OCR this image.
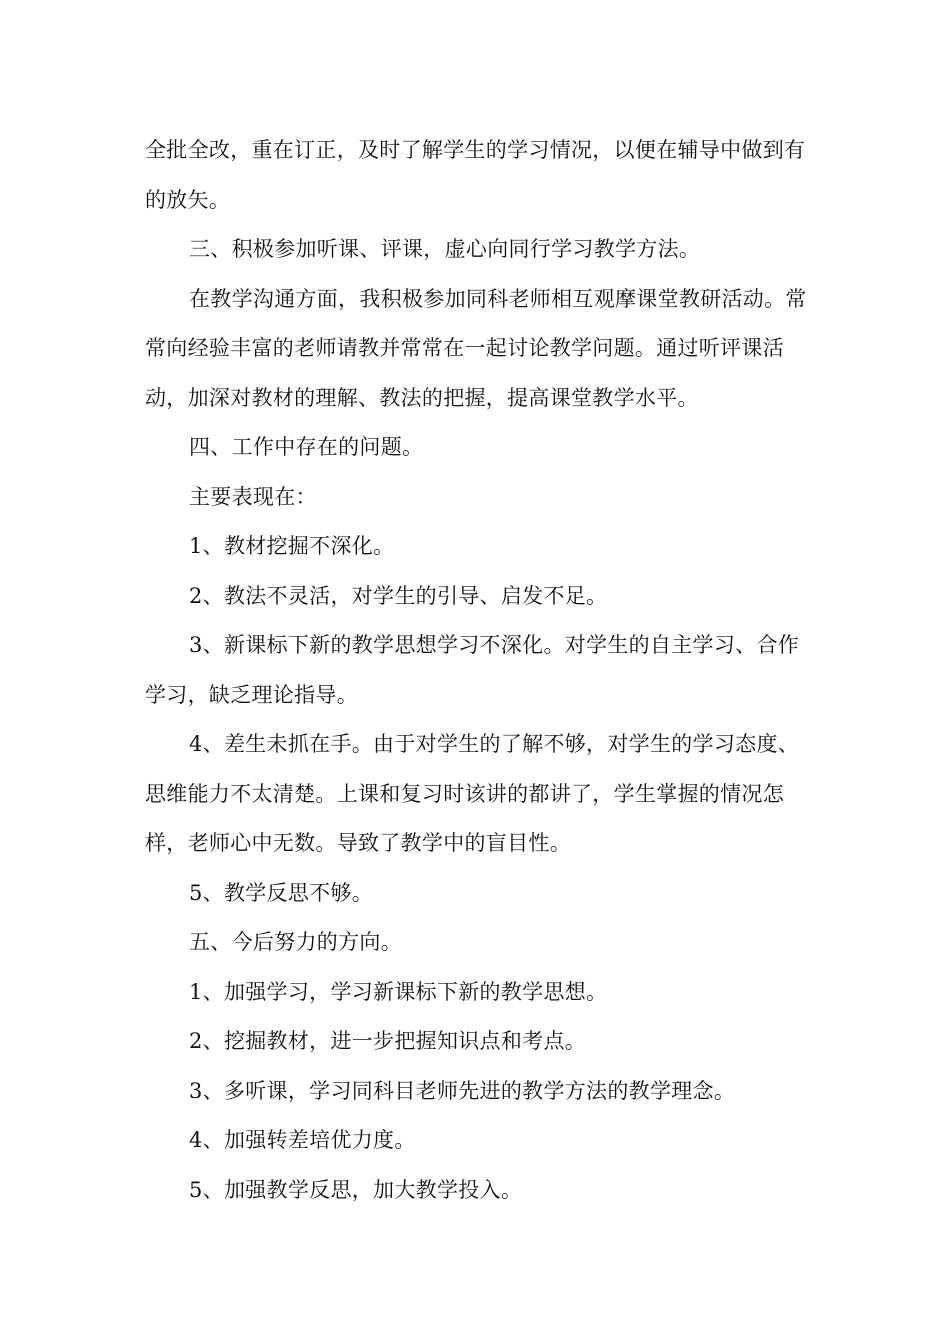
全批全改，重在订正，及时了解学生的学习情况，以便在辅导中做到有的放矢。

三、积极参加听课、评课，虚心向同行学习教学方法。

在教学沟通方面，我积极参加同科老师相互观摩课堂教研活动。常常向经验丰富的老师请教并常常在一起讨论教学问题。通过听评课活动，加深对教材的理解、教法的把握，提高课堂教学水平。

四、工作中存在的问题。

主要表现在：

1、教材挖掘不深化。

2、教法不灵活，对学生的引导、启发不足。

3、新课标下新的教学思想学习不深化。对学生的自主学习、合作学习，缺乏理论指导。

4、差生未抓在手。由于对学生的了解不够，对学生的学习态度、思维能力不太清楚。上课和复习时该讲的都讲了，学生掌握的情况怎样，老师心中无数。导致了教学中的盲目性。

5、教学反思不够。

五、今后努力的方向。

1、加强学习，学习新课标下新的教学思想。

2、挖掘教材，进一步把握知识点和考点。

3、多听课，学习同科目老师先进的教学方法的教学理念。

4、加强转差培优力度。

5、加强教学反思，加大教学投入。
